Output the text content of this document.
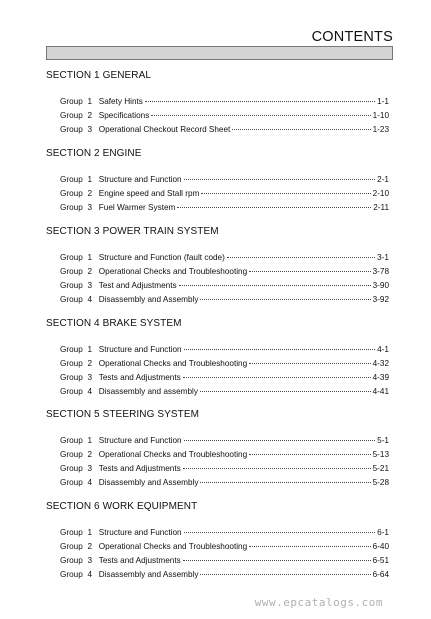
CONTENTS
SECTION 1 GENERAL
Group 1 Safety Hints	1-1
Group 2 Specifications	1-10
Group 3 Operational Checkout Record Sheet	1-23
SECTION 2 ENGINE
Group 1 Structure and Function	2-1
Group 2 Engine speed and Stall rpm	2-10
Group 3 Fuel Warmer System	2-11
SECTION 3 POWER TRAIN SYSTEM
Group 1 Structure and Function (fault code)	3-1
Group 2 Operational Checks and Troubleshooting	3-78
Group 3 Test and Adjustments	3-90
Group 4 Disassembly and Assembly	3-92
SECTION 4 BRAKE SYSTEM
Group 1 Structure and Function	4-1
Group 2 Operational Checks and Troubleshooting	4-32
Group 3 Tests and Adjustments	4-39
Group 4 Disassembly and assembly	4-41
SECTION 5 STEERING SYSTEM
Group 1 Structure and Function	5-1
Group 2 Operational Checks and Troubleshooting	5-13
Group 3 Tests and Adjustments	5-21
Group 4 Disassembly and Assembly	5-28
SECTION 6 WORK EQUIPMENT
Group 1 Structure and Function	6-1
Group 2 Operational Checks and Troubleshooting	6-40
Group 3 Tests and Adjustments	6-51
Group 4 Disassembly and Assembly	6-64
www.epcatalogs.com
